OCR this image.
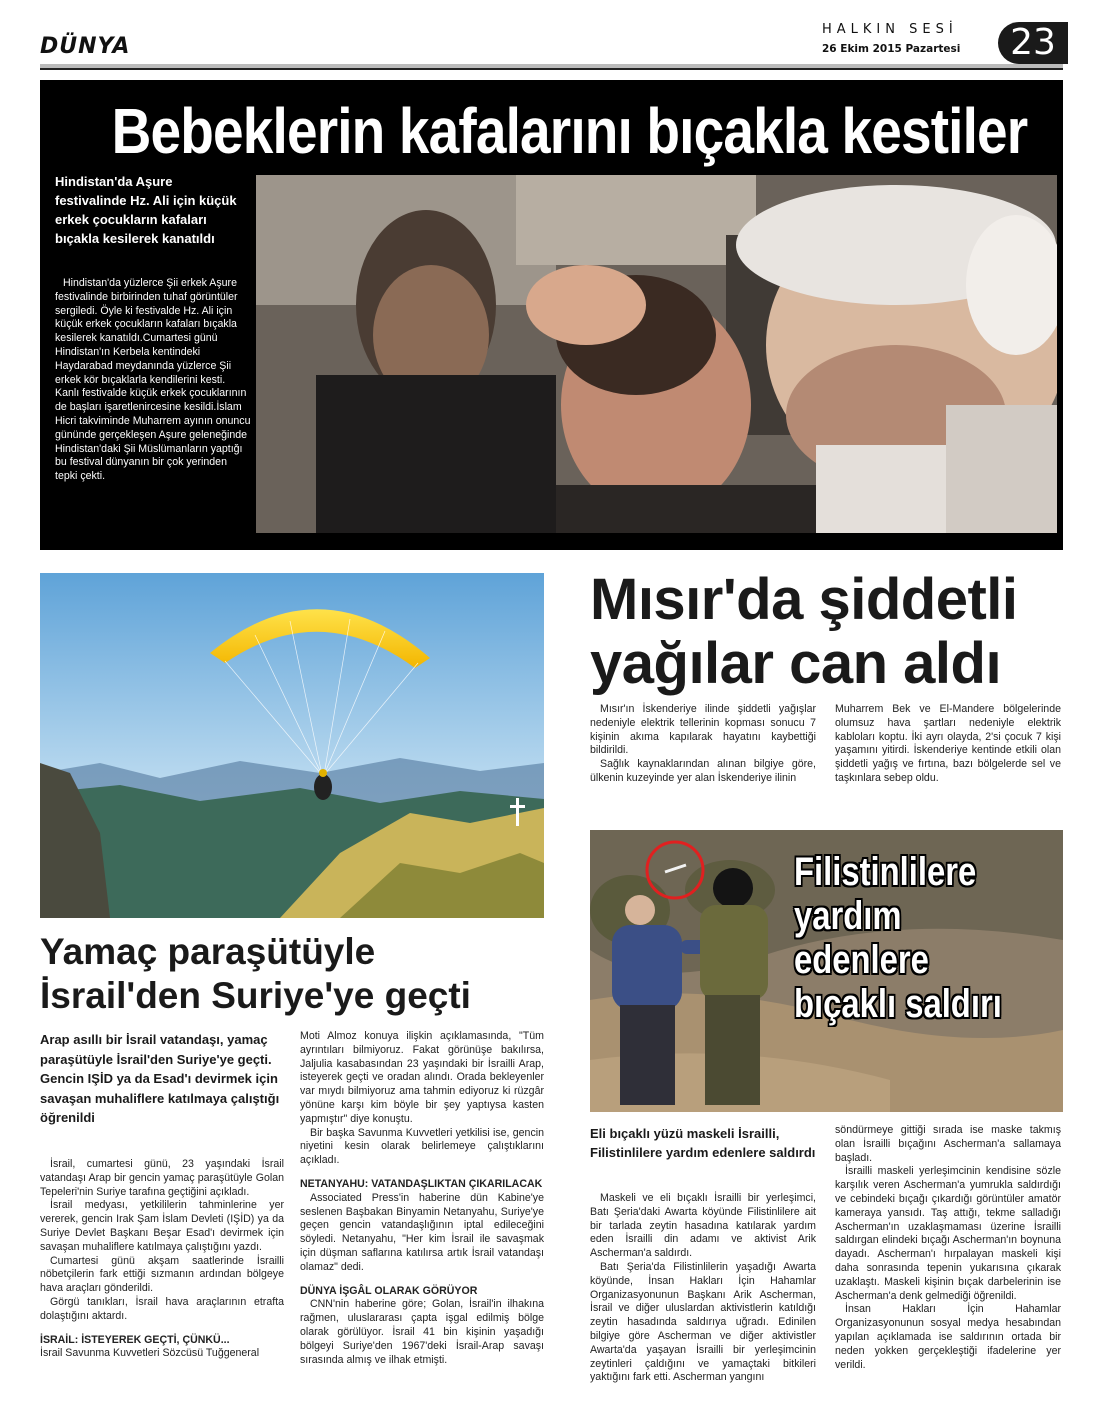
DÜNYA
HALKIN SESİ
26 Ekim 2015 Pazartesi	23
Bebeklerin kafalarını bıçakla kestiler
Hindistan'da Aşure festivalinde Hz. Ali için küçük erkek çocukların kafaları bıçakla kesilerek kanatıldı
Hindistan'da yüzlerce Şii erkek Aşure festivalinde birbirinden tuhaf görüntüler sergiledi. Öyle ki festivalde Hz. Ali için küçük erkek çocukların kafaları bıçakla kesilerek kanatıldı.Cumartesi günü Hindistan'ın Kerbela kentindeki Haydarabad meydanında yüzlerce Şii erkek kör bıçaklarla kendilerini kesti. Kanlı festivalde küçük erkek çocuklarının de başları işaretlenircesine kesildi.İslam Hicri takviminde Muharrem ayının onuncu gününde gerçekleşen Aşure geleneğinde Hindistan'daki Şii Müslümanların yaptığı bu festival dünyanın bir çok yerinden tepki çekti.
Mısır'da şiddetli
yağılar can aldı

Mısır'ın İskenderiye ilinde şiddetli yağışlar nedeniyle elektrik tellerinin kopması sonucu 7 kişinin akıma kapılarak hayatını kaybettiği bildirildi.

Sağlık kaynaklarından alınan bilgiye göre, ülkenin kuzeyinde yer alan İskenderiye ilinin

Muharrem Bek ve El-Mandere bölgelerinde olumsuz hava şartları nedeniyle elektrik kabloları koptu. İki ayrı olayda, 2'si çocuk 7 kişi yaşamını yitirdi. İskenderiye kentinde etkili olan şiddetli yağış ve fırtına, bazı bölgelerde sel ve taşkınlara sebep oldu.

Filistinlilere
yardım
edenlere
bıçaklı saldırı
Eli bıçaklı yüzü maskeli İsrailli, Filistinlilere yardım edenlere saldırdı

Maskeli ve eli bıçaklı İsrailli bir yerleşimci, Batı Şeria'daki Awarta köyünde Filistinlilere ait bir tarlada zeytin hasadına katılarak yardım eden İsrailli din adamı ve aktivist Arik Ascherman'a saldırdı.

Batı Şeria'da Filistinlilerin yaşadığı Awarta köyünde, İnsan Hakları İçin Hahamlar Organizasyonunun Başkanı Arik Ascherman, İsrail ve diğer uluslardan aktivistlerin katıldığı zeytin hasadında saldırıya uğradı. Edinilen bilgiye göre Ascherman ve diğer aktivistler Awarta'da yaşayan İsrailli bir yerleşimcinin zeytinleri çaldığını ve yamaçtaki bitkileri yaktığını fark etti. Ascherman yangını

söndürmeye gittiği sırada ise maske takmış olan İsrailli bıçağını Ascherman'a sallamaya başladı.

İsrailli maskeli yerleşimcinin kendisine sözle karşılık veren Ascherman'a yumrukla saldırdığı ve cebindeki bıçağı çıkardığı görüntüler amatör kameraya yansıdı. Taş attığı, tekme salladığı Ascherman'ın uzaklaşmaması üzerine İsrailli saldırgan elindeki bıçağı Ascherman'ın boynuna dayadı. Ascherman'ı hırpalayan maskeli kişi daha sonrasında tepenin yukarısına çıkarak uzaklaştı. Maskeli kişinin bıçak darbelerinin ise Ascherman'a denk gelmediği öğrenildi.

İnsan Hakları İçin Hahamlar Organizasyonunun sosyal medya hesabından yapılan açıklamada ise saldırının ortada bir neden yokken gerçekleştiği ifadelerine yer verildi.

Yamaç paraşütüyle
İsrail'den Suriye'ye geçti
Arap asıllı bir İsrail vatandaşı, yamaç paraşütüyle İsrail'den Suriye'ye geçti. Gencin IŞİD ya da Esad'ı devirmek için savaşan muhaliflere katılmaya çalıştığı öğrenildi

İsrail, cumartesi günü, 23 yaşındaki İsrail vatandaşı Arap bir gencin yamaç paraşütüyle Golan Tepeleri'nin Suriye tarafına geçtiğini açıkladı.

İsrail medyası, yetkililerin tahminlerine yer vererek, gencin Irak Şam İslam Devleti (IŞİD) ya da Suriye Devlet Başkanı Beşar Esad'ı devirmek için savaşan muhaliflere katılmaya çalıştığını yazdı.

Cumartesi günü akşam saatlerinde İsrailli nöbetçilerin fark ettiği sızmanın ardından bölgeye hava araçları gönderildi.

Görgü tanıkları, İsrail hava araçlarının etrafta dolaştığını aktardı.

İSRAİL: İSTEYEREK GEÇTİ, ÇÜNKÜ...

İsrail Savunma Kuvvetleri Sözcüsü Tuğgeneral

Moti Almoz konuya ilişkin açıklamasında, "Tüm ayrıntıları bilmiyoruz. Fakat görünüşe bakılırsa, Jaljulia kasabasından 23 yaşındaki bir İsrailli Arap, isteyerek geçti ve oradan alındı. Orada bekleyenler var mıydı bilmiyoruz ama tahmin ediyoruz ki rüzgâr yönüne karşı kim böyle bir şey yaptıysa kasten yapmıştır" diye konuştu.

Bir başka Savunma Kuvvetleri yetkilisi ise, gencin niyetini kesin olarak belirlemeye çalıştıklarını açıkladı.

NETANYAHU: VATANDAŞLIKTAN ÇIKARILACAK

Associated Press'in haberine dün Kabine'ye seslenen Başbakan Binyamin Netanyahu, Suriye'ye geçen gencin vatandaşlığının iptal edileceğini söyledi. Netanyahu, "Her kim İsrail ile savaşmak için düşman saflarına katılırsa artık İsrail vatandaşı olamaz" dedi.

DÜNYA İŞGÂL OLARAK GÖRÜYOR

CNN'nin haberine göre; Golan, İsrail'in ilhakına rağmen, uluslararası çapta işgal edilmiş bölge olarak görülüyor. İsrail 41 bin kişinin yaşadığı bölgeyi Suriye'den 1967'deki İsrail-Arap savaşı sırasında almış ve ilhak etmişti.
